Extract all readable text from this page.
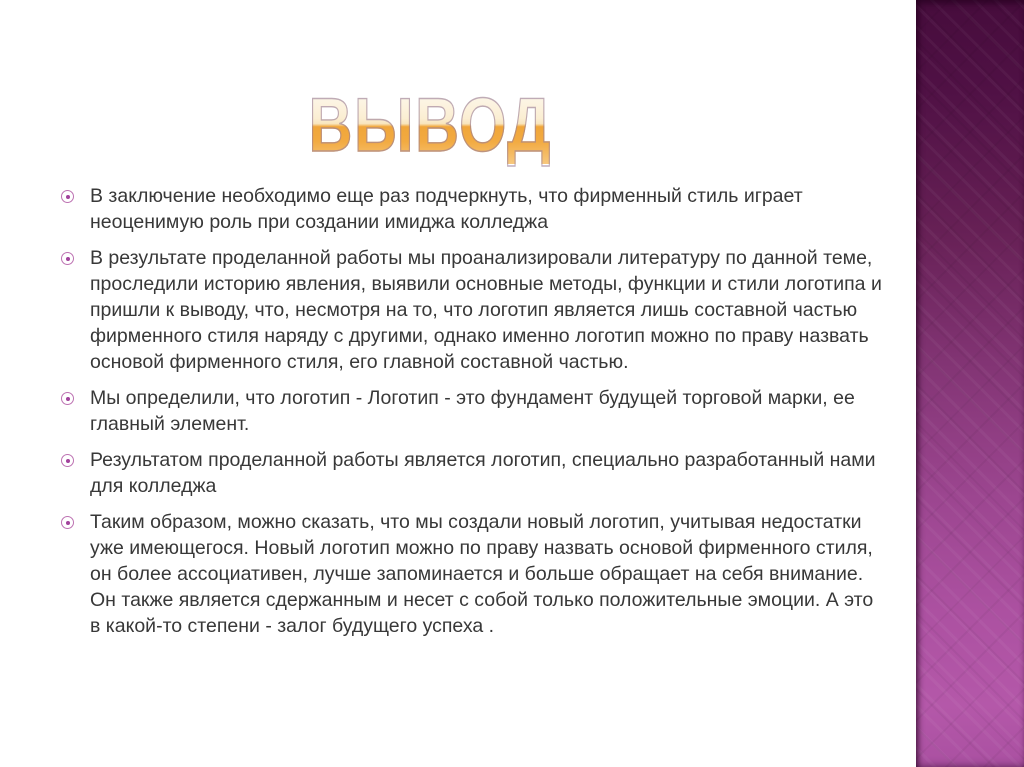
ВЫВОД
В заключение необходимо еще раз подчеркнуть, что фирменный стиль играет неоценимую роль при создании имиджа колледжа
В результате проделанной работы мы проанализировали литературу по данной теме, проследили историю явления, выявили основные методы, функции и стили логотипа и пришли к выводу, что, несмотря на то, что логотип является лишь составной частью фирменного стиля наряду с другими, однако именно логотип можно по праву назвать основой фирменного стиля, его главной составной частью.
Мы определили, что логотип - Логотип - это фундамент будущей торговой марки, ее главный элемент.
Результатом проделанной работы является логотип, специально разработанный нами для колледжа
Таким образом, можно сказать, что мы создали новый логотип, учитывая недостатки уже имеющегося. Новый логотип можно по праву назвать основой фирменного стиля, он более ассоциативен, лучше запоминается и больше обращает на себя внимание. Он также является сдержанным и несет с собой только положительные эмоции. А это в какой-то степени - залог будущего успеха .
